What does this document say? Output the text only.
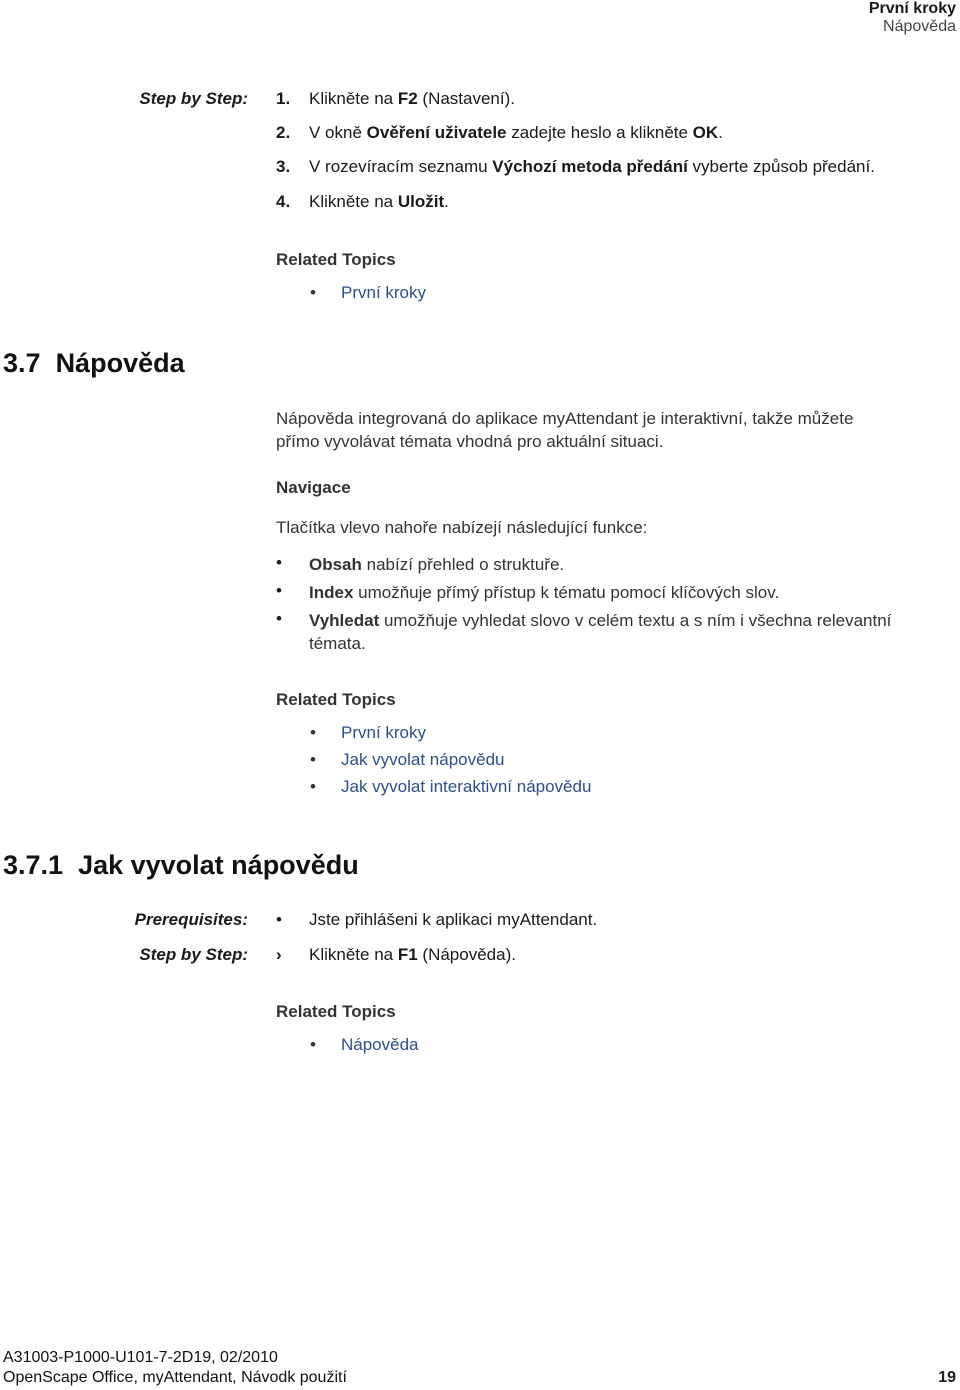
První kroky
Nápověda
Step by Step: 1. Klikněte na F2 (Nastavení).
2. V okně Ověření uživatele zadejte heslo a klikněte OK.
3. V rozevíracím seznamu Výchozí metoda předání vyberte způsob předání.
4. Klikněte na Uložit.
Related Topics
• První kroky
3.7 Nápověda
Nápověda integrovaná do aplikace myAttendant je interaktivní, takže můžete
přímo vyvolávat témata vhodná pro aktuální situaci.
Navigace
Tlačítka vlevo nahoře nabízejí následující funkce:
• Obsah nabízí přehled o struktuře.
• Index umožňuje přímý přístup k tématu pomocí klíčových slov.
• Vyhledat umožňuje vyhledat slovo v celém textu a s ním i všechna relevantní
témata.
Related Topics
• První kroky
• Jak vyvolat nápovědu
• Jak vyvolat interaktivní nápovědu
3.7.1 Jak vyvolat nápovědu
Prerequisites: • Jste přihlášeni k aplikaci myAttendant.
Step by Step: › Klikněte na F1 (Nápověda).
Related Topics
• Nápověda
A31003-P1000-U101-7-2D19, 02/2010
OpenScape Office, myAttendant, Návodk použití	19
